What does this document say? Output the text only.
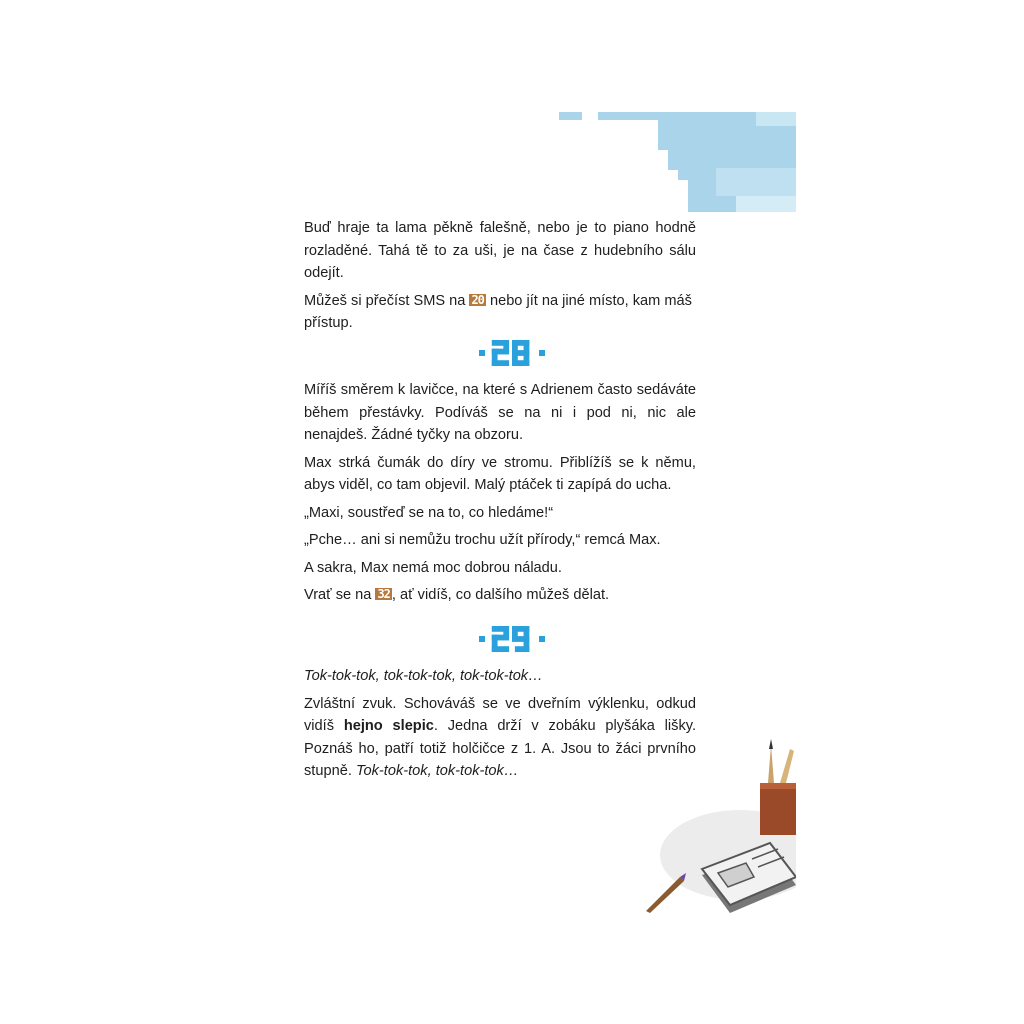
Buď hraje ta lama pěkně falešně, nebo je to piano hodně rozladěné. Tahá tě to za uši, je na čase z hudebního sálu odejít.

Můžeš si přečíst SMS na 20 nebo jít na jiné místo, kam máš přístup.

Míříš směrem k lavičce, na které s Adrienem často sedáváte během přestávky. Podíváš se na ni i pod ni, nic ale nenajdeš. Žádné tyčky na obzoru.

Max strká čumák do díry ve stromu. Přiblížíš se k němu, abys viděl, co tam objevil. Malý ptáček ti zapípá do ucha.

„Maxi, soustřeď se na to, co hledáme!“

„Pche… ani si nemůžu trochu užít přírody,“ remcá Max.

A sakra, Max nemá moc dobrou náladu.

Vrať se na 32 , ať vidíš, co dalšího můžeš dělat.

Tok-tok-tok, tok-tok-tok, tok-tok-tok…

Zvláštní zvuk. Schováváš se ve dveřním výklenku, odkud vidíš hejno slepic. Jedna drží v zobáku plyšáka lišky. Poznáš ho, patří totiž holčičce z 1. A. Jsou to žáci prvního stupně. Tok-tok-tok, tok-tok-tok…
